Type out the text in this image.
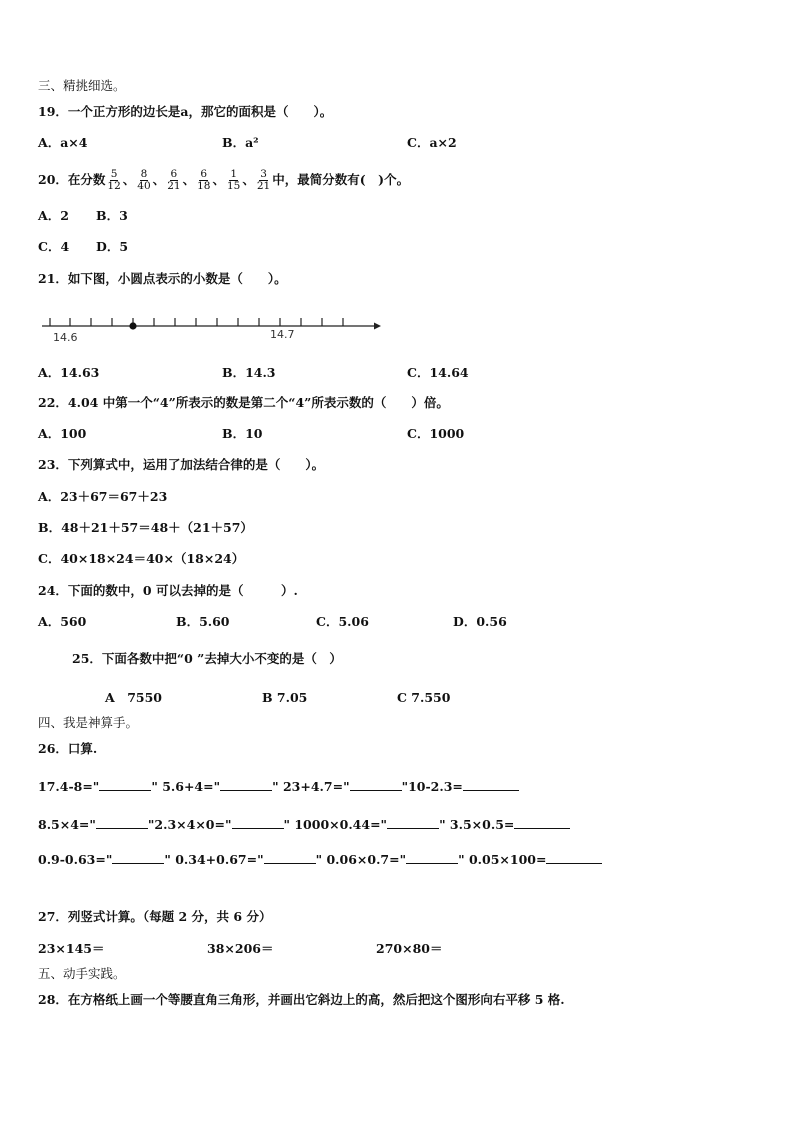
三、精挑细选。
19．一个正方形的边长是a，那它的面积是（　　）。
A．a×4	B．a²	C．a×2
20．在分数 $\frac{5}{12}$ 、 $\frac{8}{40}$ 、 $\frac{6}{21}$ 、 $\frac{6}{18}$ 、 $\frac{1}{15}$ 、 $\frac{3}{21}$ 中，最简分数有(　)个。
A．2 B．3
C．4 D．5
21．如下图，小圆点表示的小数是（　　）。
14.6	14.7
A．14.63	B．14.3	C．14.64
22．4.04 中第一个“4”所表示的数是第二个“4”所表示数的（　　）倍。
A．100	B．10	C．1000
23．下列算式中，运用了加法结合律的是（　　）。
A．23＋67＝67＋23
B．48＋21＋57＝48＋（21＋57）
C．40×18×24＝40×（18×24）
24．下面的数中，0 可以去掉的是（　　　）.
A．560	B．5.60	C．5.06	D．0.56
25．下面各数中把“0 ”去掉大小不变的是（　）
A　7550	B 7.05	C 7.550
四、我是神算手。
26．口算.
17.4-8="	" 5.6+4="	" 23+4.7="	"10-2.3=
8.5×4="	"2.3×4×0="	" 1000×0.44="	" 3.5×0.5=
0.9-0.63="	" 0.34+0.67="	" 0.06×0.7="	" 0.05×100=
27．列竖式计算。（每题 2 分，共 6 分）
23×145＝	38×206＝	270×80＝
五、动手实践。
28．在方格纸上画一个等腰直角三角形，并画出它斜边上的高，然后把这个图形向右平移 5 格.
